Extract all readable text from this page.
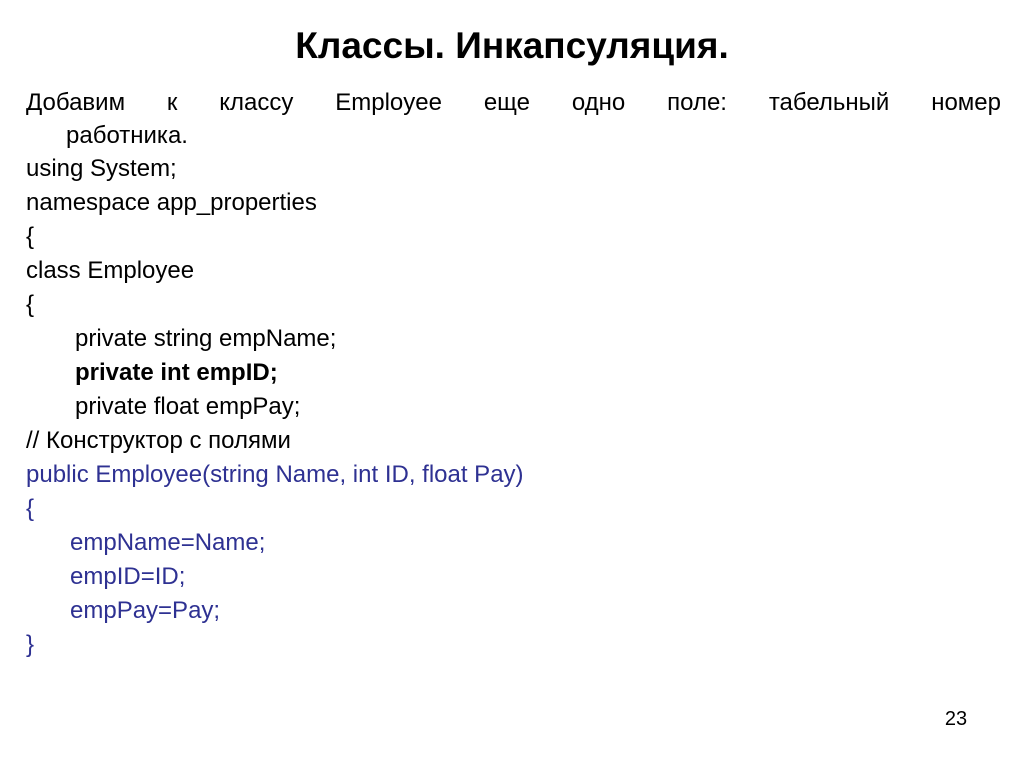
Классы. Инкапсуляция.

Добавим к классу Employee еще одно поле: табельный номер

работника.

using System;
namespace app_properties
{
class Employee
{
private string empName;
private int empID;
private float empPay;
// Конструктор с полями
public Employee(string Name, int ID, float Pay)
{
empName=Name;
empID=ID;
empPay=Pay;
}
23
